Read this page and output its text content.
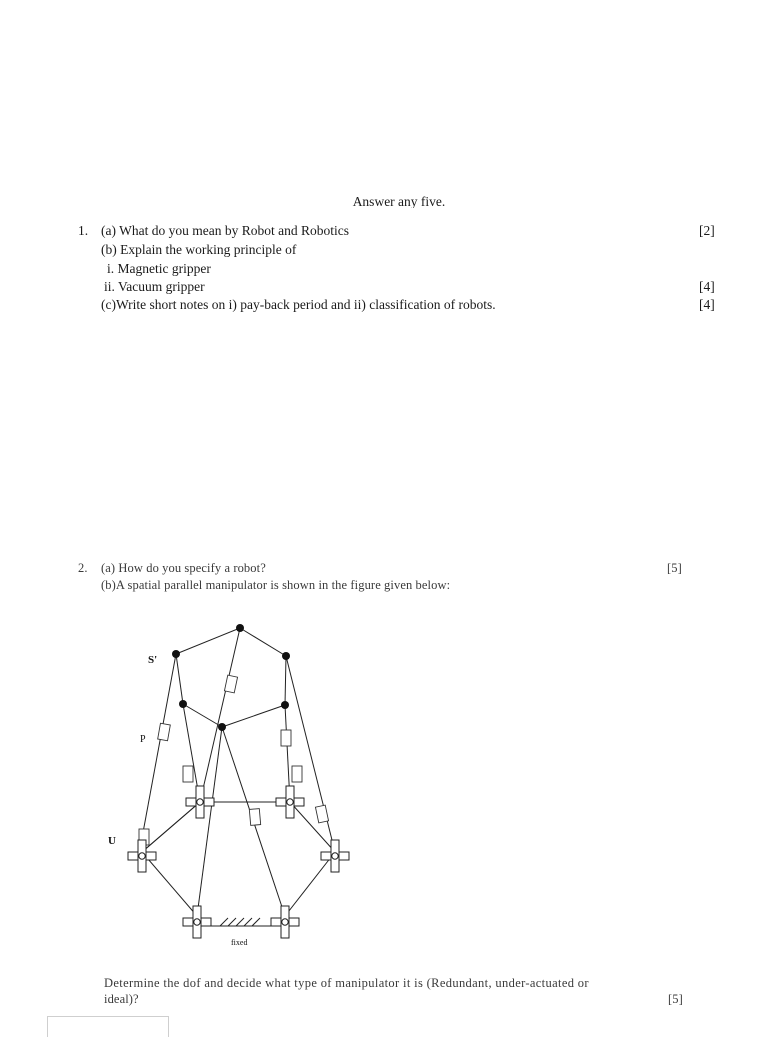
Answer any five.
1. (a) What do you mean by Robot and Robotics	[2]
(b) Explain the working principle of
i. Magnetic gripper
ii. Vacuum gripper	[4]
(c)Write short notes on i) pay-back period and ii) classification of robots.	[4]
2. (a) How do you specify a robot?	[5]
(b)A spatial parallel manipulator is shown in the figure given below:
Determine the dof and decide what type of manipulator it is (Redundant, under-actuated or
ideal)?	[5]
S'
P
U
fixed
